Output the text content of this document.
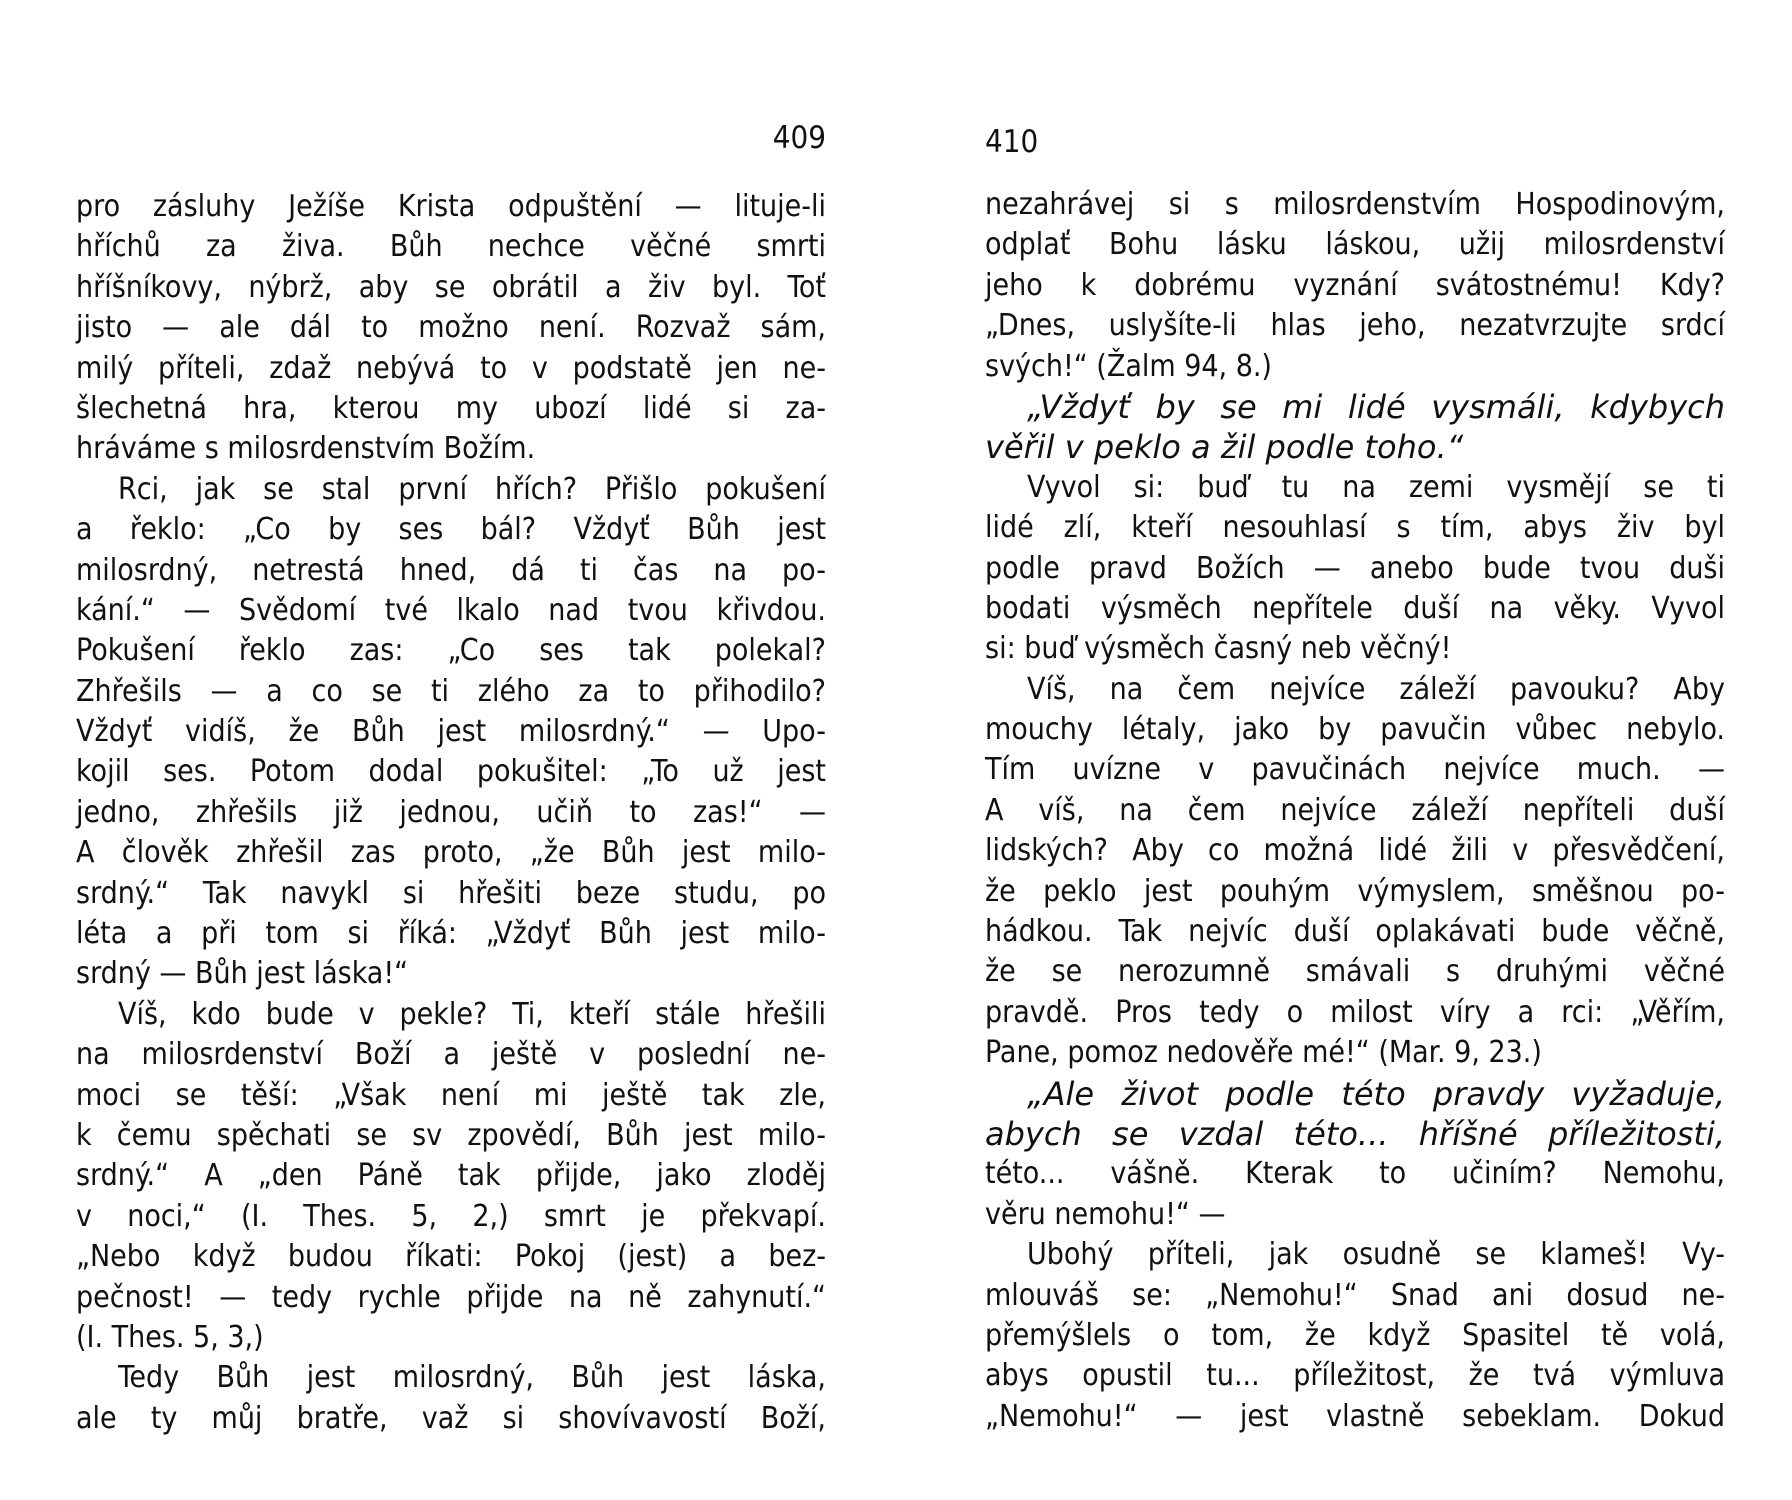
409
pro zásluhy Ježíše Krista odpuštění — lituje-li
hříchů za živa. Bůh nechce věčné smrti
hříšníkovy, nýbrž, aby se obrátil a živ byl. Toť
jisto — ale dál to možno není. Rozvaž sám,
milý příteli, zdaž nebývá to v podstatě jen ne-
šlechetná hra, kterou my ubozí lidé si za-
hráváme s milosrdenstvím Božím.
Rci, jak se stal první hřích? Přišlo pokušení
a řeklo: „Co by ses bál? Vždyť Bůh jest
milosrdný, netrestá hned, dá ti čas na po-
kání.“ — Svědomí tvé lkalo nad tvou křivdou.
Pokušení řeklo zas: „Co ses tak polekal?
Zhřešils — a co se ti zlého za to přihodilo?
Vždyť vidíš, že Bůh jest milosrdný.“ — Upo-
kojil ses. Potom dodal pokušitel: „To už jest
jedno, zhřešils již jednou, učiň to zas!“ —
A člověk zhřešil zas proto, „že Bůh jest milo-
srdný.“ Tak navykl si hřešiti beze studu, po
léta a při tom si říká: „Vždyť Bůh jest milo-
srdný — Bůh jest láska!“
Víš, kdo bude v pekle? Ti, kteří stále hřešili
na milosrdenství Boží a ještě v poslední ne-
moci se těší: „Však není mi ještě tak zle,
k čemu spěchati se sv zpovědí, Bůh jest milo-
srdný.“ A „den Páně tak přijde, jako zloděj
v noci,“ (I. Thes. 5, 2,) smrt je překvapí.
„Nebo když budou říkati: Pokoj (jest) a bez-
pečnost! — tedy rychle přijde na ně zahynutí.“
(I. Thes. 5, 3,)
Tedy Bůh jest milosrdný, Bůh jest láska,
ale ty můj bratře, važ si shovívavostí Boží,
410
nezahrávej si s milosrdenstvím Hospodinovým,
odplať Bohu lásku láskou, užij milosrdenství
jeho k dobrému vyznání svátostnému! Kdy?
„Dnes, uslyšíte-li hlas jeho, nezatvrzujte srdcí
svých!“ (Žalm 94, 8.)
„Vždyť by se mi lidé vysmáli, kdybych
věřil v peklo a žil podle toho.“
Vyvol si: buď tu na zemi vysmějí se ti
lidé zlí, kteří nesouhlasí s tím, abys živ byl
podle pravd Božích — anebo bude tvou duši
bodati výsměch nepřítele duší na věky. Vyvol
si: buď výsměch časný neb věčný!
Víš, na čem nejvíce záleží pavouku? Aby
mouchy létaly, jako by pavučin vůbec nebylo.
Tím uvízne v pavučinách nejvíce much. —
A víš, na čem nejvíce záleží nepříteli duší
lidských? Aby co možná lidé žili v přesvědčení,
že peklo jest pouhým výmyslem, směšnou po-
hádkou. Tak nejvíc duší oplakávati bude věčně,
že se nerozumně smávali s druhými věčné
pravdě. Pros tedy o milost víry a rci: „Věřím,
Pane, pomoz nedověře mé!“ (Mar. 9, 23.)
„Ale život podle této pravdy vyžaduje,
abych se vzdal této... hříšné příležitosti,
této... vášně. Kterak to učiním? Nemohu,
věru nemohu!“ —
Ubohý příteli, jak osudně se klameš! Vy-
mlouváš se: „Nemohu!“ Snad ani dosud ne-
přemýšlels o tom, že když Spasitel tě volá,
abys opustil tu... příležitost, že tvá výmluva
„Nemohu!“ — jest vlastně sebeklam. Dokud
